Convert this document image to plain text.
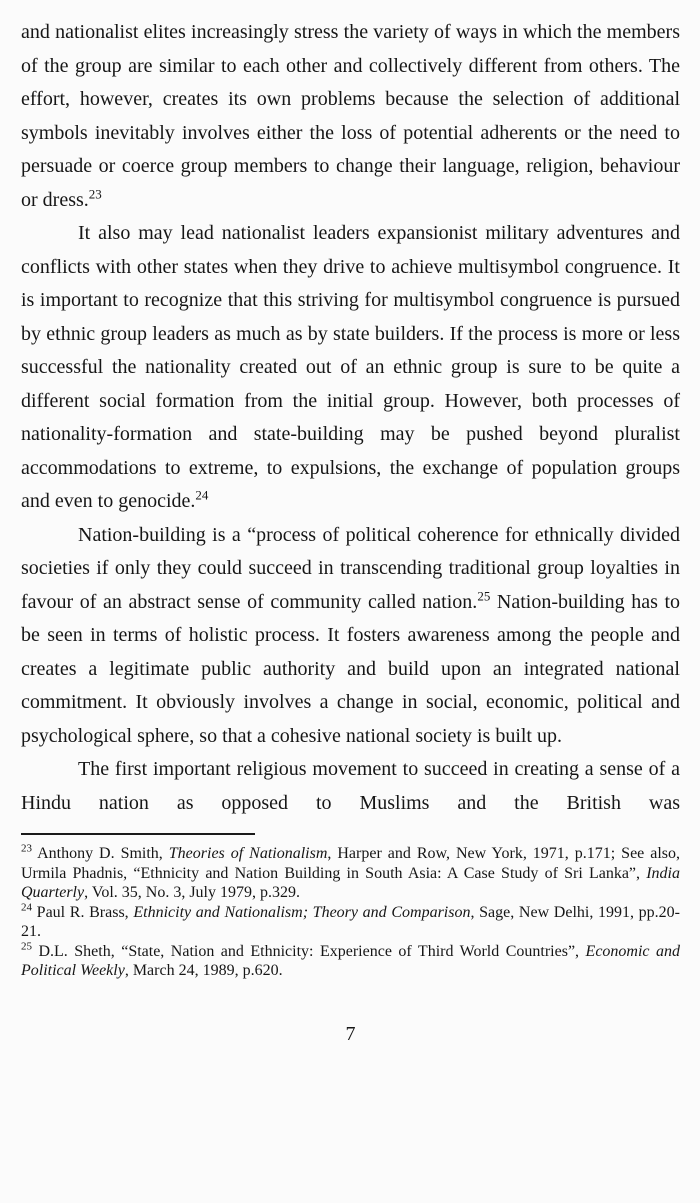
and nationalist elites increasingly stress the variety of ways in which the members of the group are similar to each other and collectively different from others. The effort, however, creates its own problems because the selection of additional symbols inevitably involves either the loss of potential adherents or the need to persuade or coerce group members to change their language, religion, behaviour or dress.$^{23}$

It also may lead nationalist leaders expansionist military adventures and conflicts with other states when they drive to achieve multisymbol congruence. It is important to recognize that this striving for multisymbol congruence is pursued by ethnic group leaders as much as by state builders. If the process is more or less successful the nationality created out of an ethnic group is sure to be quite a different social formation from the initial group. However, both processes of nationality-formation and state-building may be pushed beyond pluralist accommodations to extreme, to expulsions, the exchange of population groups and even to genocide.$^{24}$

Nation-building is a “process of political coherence for ethnically divided societies if only they could succeed in transcending traditional group loyalties in favour of an abstract sense of community called nation.$^{25}$ Nation-building has to be seen in terms of holistic process. It fosters awareness among the people and creates a legitimate public authority and build upon an integrated national commitment. It obviously involves a change in social, economic, political and psychological sphere, so that a cohesive national society is built up.

The first important religious movement to succeed in creating a sense of a Hindu nation as opposed to Muslims and the British was

$^{23}$ Anthony D. Smith, Theories of Nationalism, Harper and Row, New York, 1971, p.171; See also, Urmila Phadnis, “Ethnicity and Nation Building in South Asia: A Case Study of Sri Lanka”, India Quarterly, Vol. 35, No. 3, July 1979, p.329.

$^{24}$ Paul R. Brass, Ethnicity and Nationalism; Theory and Comparison, Sage, New Delhi, 1991, pp.20-21.

$^{25}$ D.L. Sheth, “State, Nation and Ethnicity: Experience of Third World Countries”, Economic and Political Weekly, March 24, 1989, p.620.

7
